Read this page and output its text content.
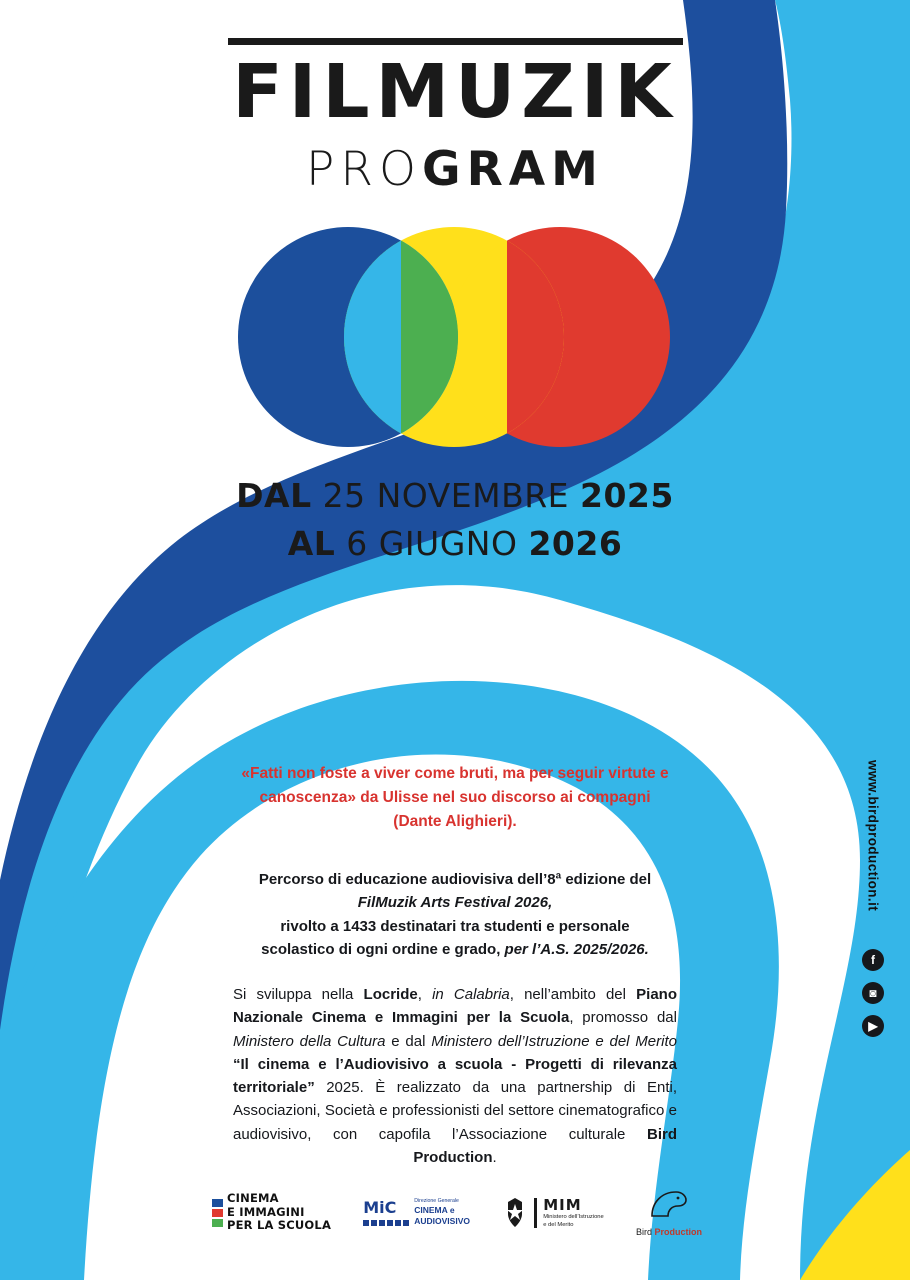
FILMUZIK
PROGRAM
DAL 25 NOVEMBRE 2025
AL 6 GIUGNO 2026
«Fatti non foste a viver come bruti, ma per seguir virtute e canoscenza» da Ulisse nel suo discorso ai compagni (Dante Alighieri).
Percorso di educazione audiovisiva dell’8ª edizione del
FilMuzik Arts Festival 2026,
rivolto a 1433 destinatari tra studenti e personale
scolastico di ogni ordine e grado, per l’A.S. 2025/2026.
Si sviluppa nella Locride, in Calabria, nell’ambito del Piano Nazionale Cinema e Immagini per la Scuola, promosso dal Ministero della Cultura e dal Ministero dell’Istruzione e del Merito “Il cinema e l’Audiovisivo a scuola - Progetti di rilevanza territoriale” 2025. È realizzato da una partnership di Enti, Associazioni, Società e professionisti del settore cinematografico e audiovisivo, con capofila l’Associazione culturale Bird Production.
CINEMA
E IMMAGINI
PER LA SCUOLA
MiC	Direzione Generale
CINEMA e
AUDIOVISIVO
MIM
Ministero dell’Istruzione
e del Merito
Bird Production
www.birdproduction.it
f
◙
▶
